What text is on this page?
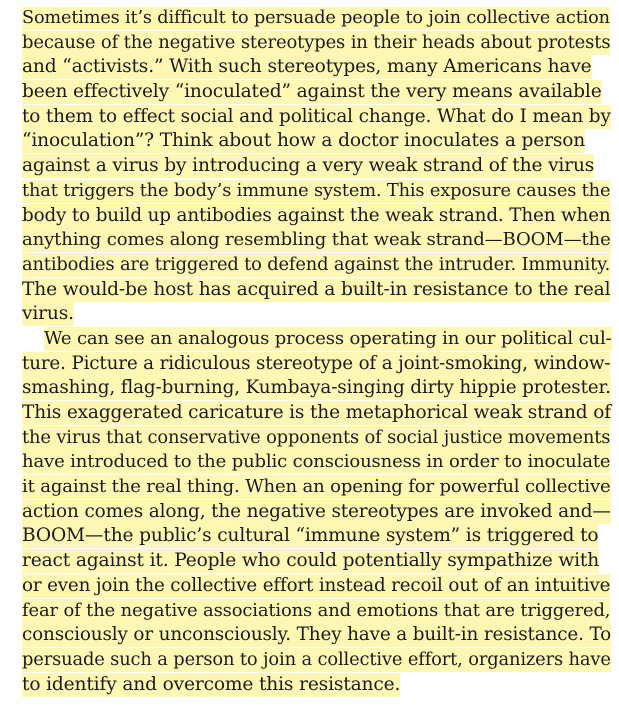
Sometimes it’s difficult to persuade people to join collective action
because of the negative stereotypes in their heads about protests
and “activists.” With such stereotypes, many Americans have
been effectively “inoculated” against the very means available
to them to effect social and political change. What do I mean by
“inoculation”? Think about how a doctor inoculates a person
against a virus by introducing a very weak strand of the virus
that triggers the body’s immune system. This exposure causes the
body to build up antibodies against the weak strand. Then when
anything comes along resembling that weak strand—BOOM—the
antibodies are triggered to defend against the intruder. Immunity.
The would-be host has acquired a built-in resistance to the real
virus.
We can see an analogous process operating in our political cul-
ture. Picture a ridiculous stereotype of a joint-smoking, window-
smashing, flag-burning, Kumbaya-singing dirty hippie protester.
This exaggerated caricature is the metaphorical weak strand of
the virus that conservative opponents of social justice movements
have introduced to the public consciousness in order to inoculate
it against the real thing. When an opening for powerful collective
action comes along, the negative stereotypes are invoked and—
BOOM—the public’s cultural “immune system” is triggered to
react against it. People who could potentially sympathize with
or even join the collective effort instead recoil out of an intuitive
fear of the negative associations and emotions that are triggered,
consciously or unconsciously. They have a built-in resistance. To
persuade such a person to join a collective effort, organizers have
to identify and overcome this resistance.
